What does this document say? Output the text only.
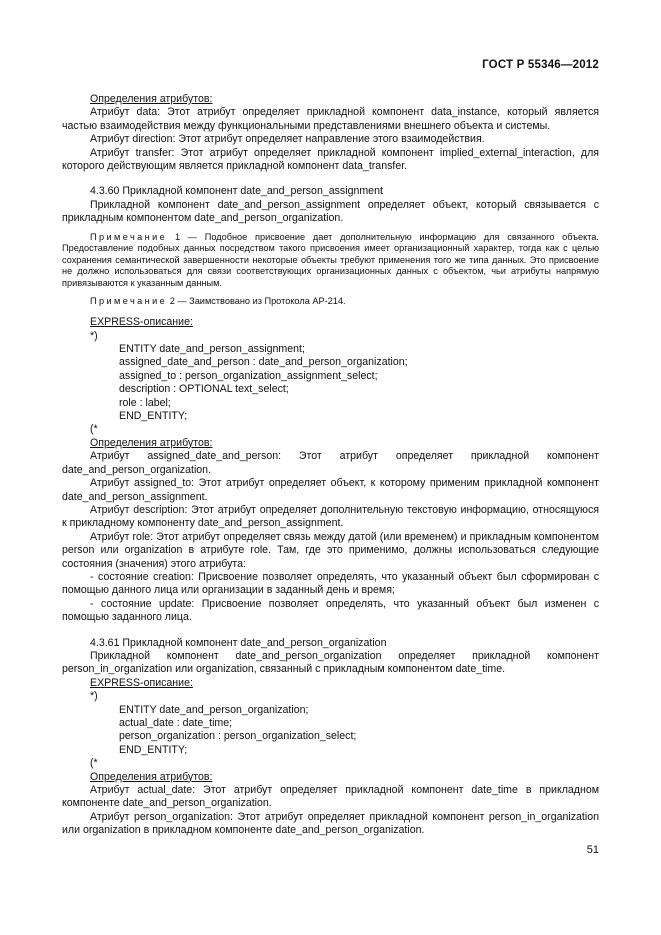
ГОСТ Р 55346—2012

Определения атрибутов:

Атрибут data: Этот атрибут определяет прикладной компонент data_instance, который является частью взаимодействия между функциональными представлениями внешнего объекта и системы.

Атрибут direction: Этот атрибут определяет направление этого взаимодействия.

Атрибут transfer: Этот атрибут определяет прикладной компонент implied_external_interaction, для которого действующим является прикладной компонент data_transfer.

4.3.60 Прикладной компонент date_and_person_assignment

Прикладной компонент date_and_person_assignment определяет объект, который связывается с прикладным компонентом date_and_person_organization.

Примечание 1 — Подобное присвоение дает дополнительную информацию для связанного объекта. Предоставление подобных данных посредством такого присвоения имеет организационный характер, тогда как с целью сохранения семантической завершенности некоторые объекты требуют применения того же типа данных. Это присвоение не должно использоваться для связи соответствующих организационных данных с объектом, чьи атрибуты напрямую привязываются к указанным данным.

Примечание 2 — Заимствовано из Протокола АР-214.

EXPRESS-описание:

*)

ENTITY date_and_person_assignment;

assigned_date_and_person : date_and_person_organization;

assigned_to : person_organization_assignment_select;

description : OPTIONAL text_select;

role : label;

END_ENTITY;

(*

Определения атрибутов:

Атрибут assigned_date_and_person: Этот атрибут определяет прикладной компонент date_and_person_organization.

Атрибут assigned_to: Этот атрибут определяет объект, к которому применим прикладной компонент date_and_person_assignment.

Атрибут description: Этот атрибут определяет дополнительную текстовую информацию, относящуюся к прикладному компоненту date_and_person_assignment.

Атрибут role: Этот атрибут определяет связь между датой (или временем) и прикладным компонентом person или organization в атрибуте role. Там, где это применимо, должны использоваться следующие состояния (значения) этого атрибута:

- состояние creation: Присвоение позволяет определять, что указанный объект был сформирован с помощью данного лица или организации в заданный день и время;

- состояние update: Присвоение позволяет определять, что указанный объект был изменен с помощью заданного лица.

4.3.61 Прикладной компонент date_and_person_organization

Прикладной компонент date_and_person_organization определяет прикладной компонент person_in_organization или organization, связанный с прикладным компонентом date_time.

EXPRESS-описание:

*)

ENTITY date_and_person_organization;

actual_date : date_time;

person_organization : person_organization_select;

END_ENTITY;

(*

Определения атрибутов:

Атрибут actual_date: Этот атрибут определяет прикладной компонент date_time в прикладном компоненте date_and_person_organization.

Атрибут person_organization: Этот атрибут определяет прикладной компонент person_in_organization или organization в прикладном компоненте date_and_person_organization.

51
